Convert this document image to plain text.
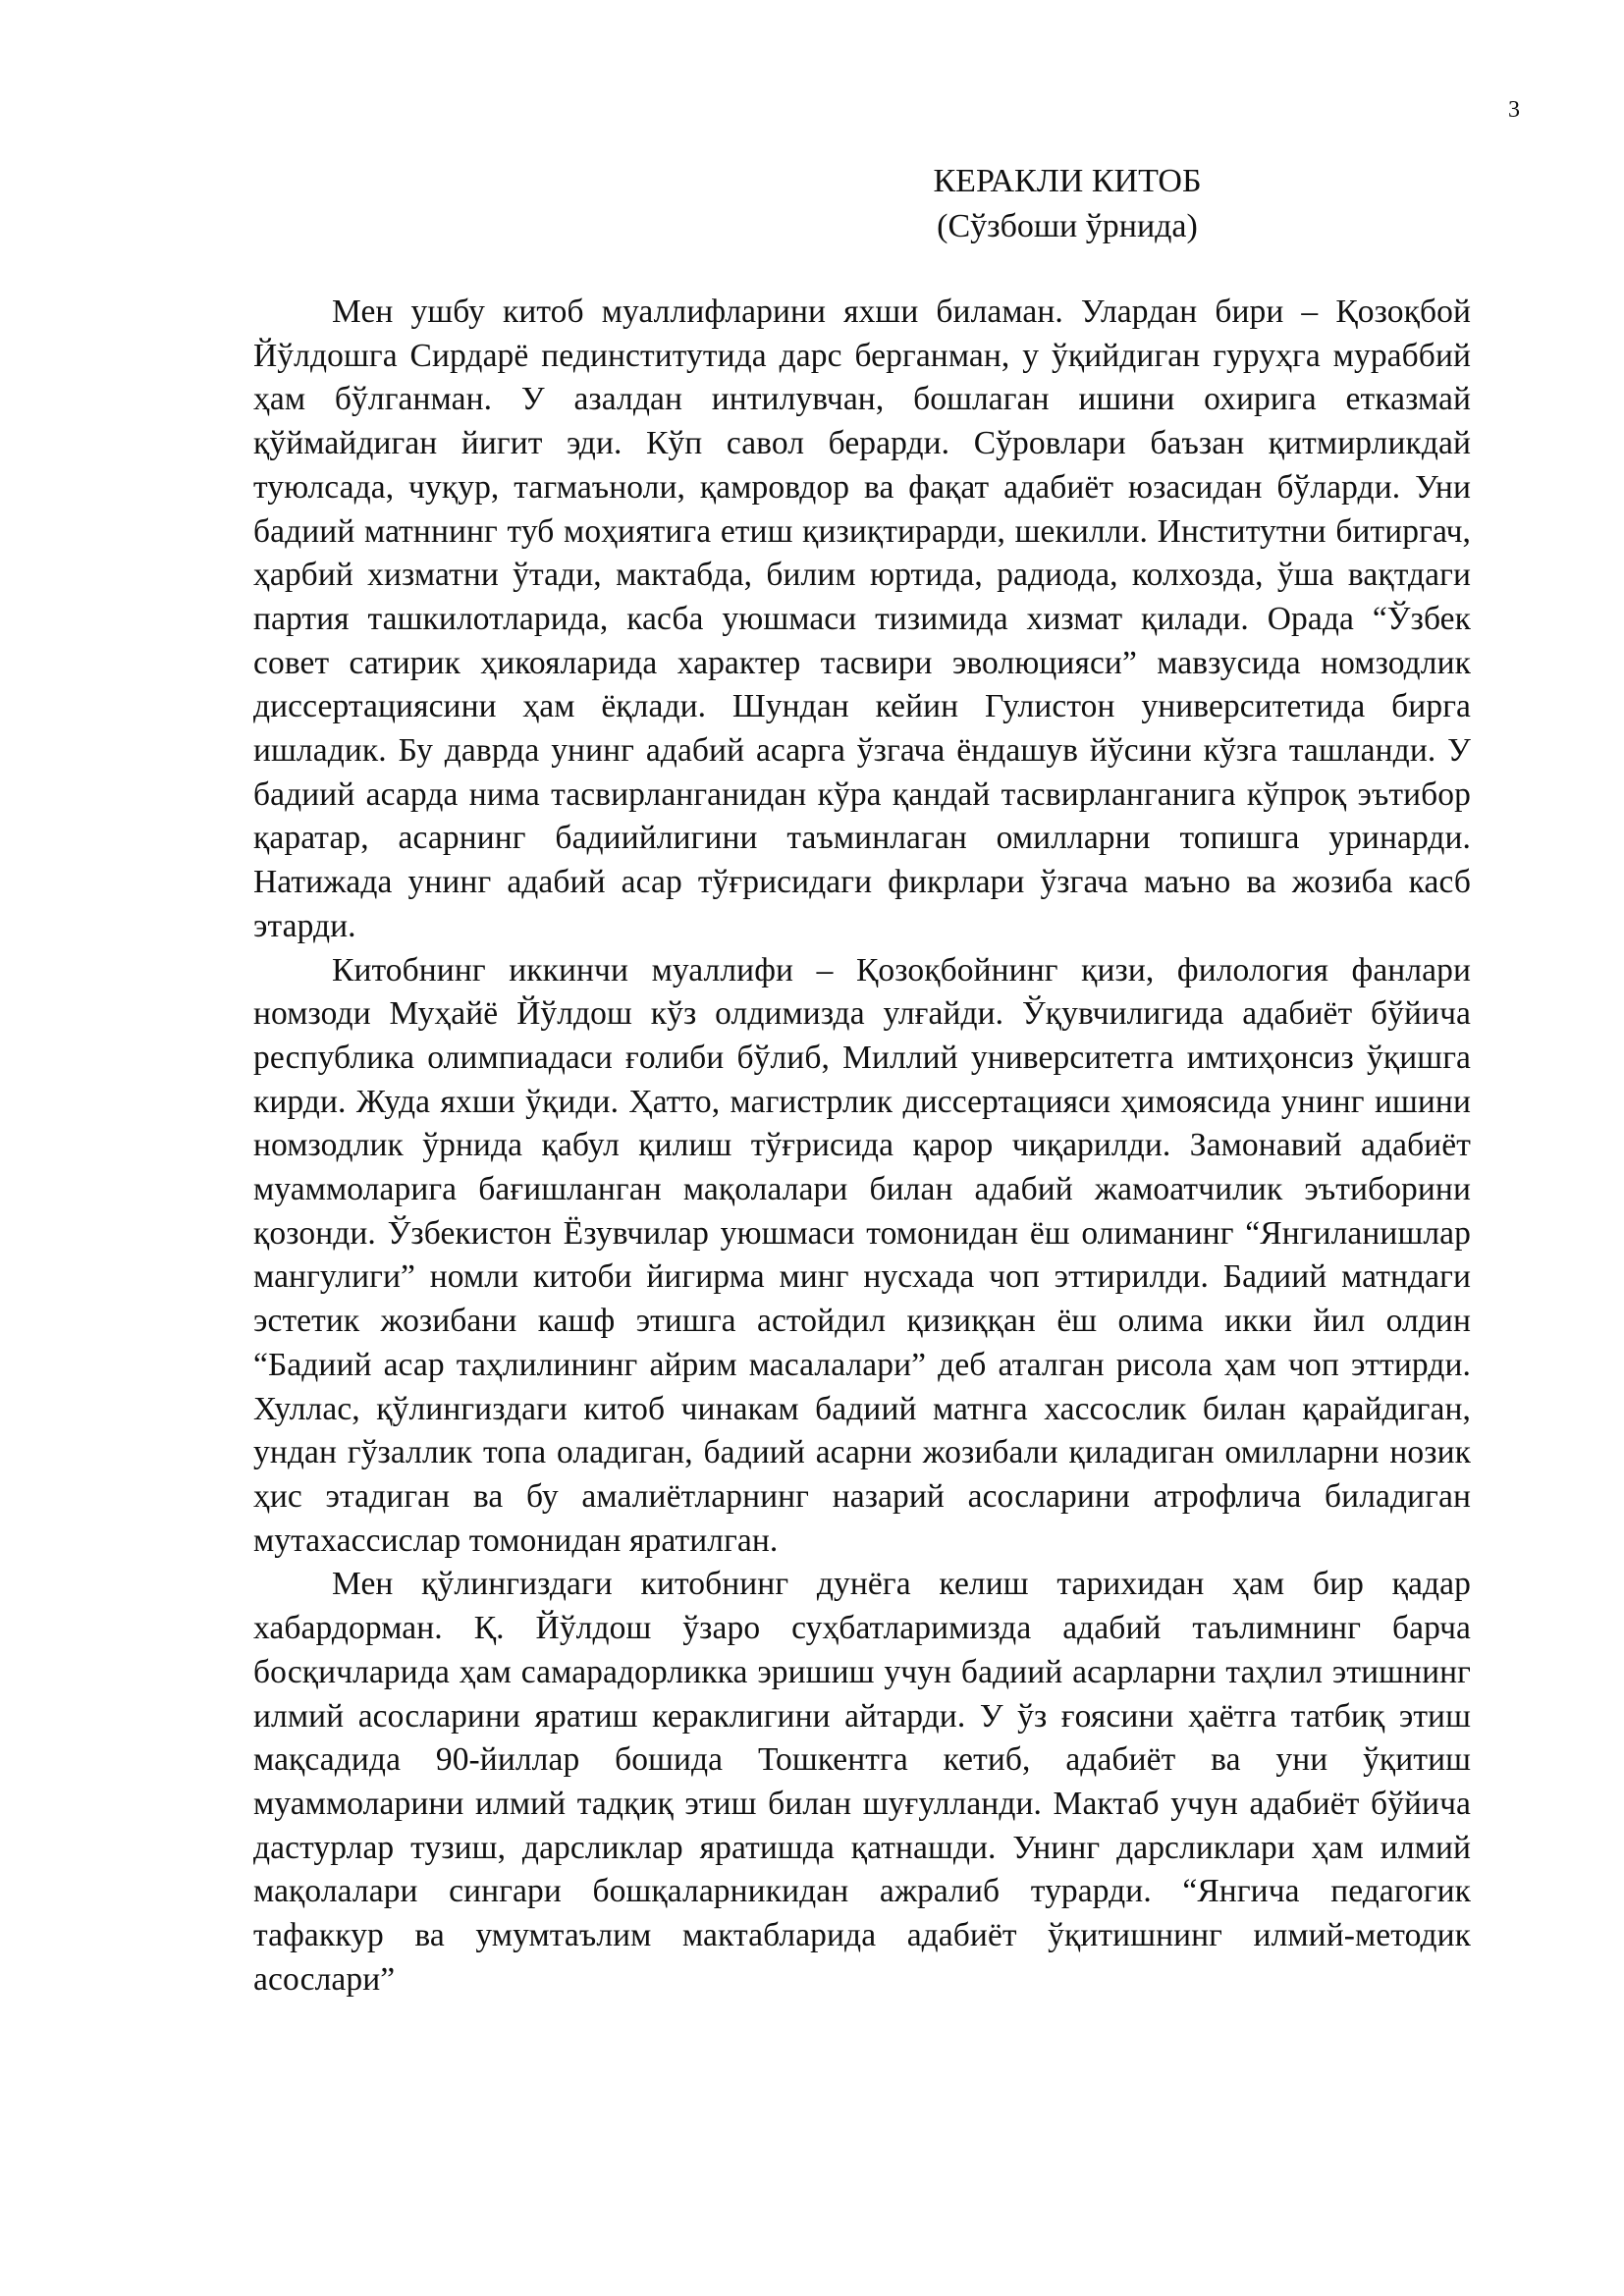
3
КЕРАКЛИ КИТОБ
(Сўзбоши ўрнида)

Мен ушбу китоб муаллифларини яхши биламан. Улардан бири – Қозоқбой Йўлдошга Сирдарё пединститутида дарс берганман, у ўқийдиган гуруҳга мураббий ҳам бўлганман. У азалдан интилувчан, бошлаган ишини охирига етказмай қўймайдиган йигит эди. Кўп савол берарди. Сўровлари баъзан қитмирликдай туюлсада, чуқур, тагмаъноли, қамровдор ва фақат адабиёт юзасидан бўларди. Уни бадиий матннинг туб моҳиятига етиш қизиқтирарди, шекилли. Институтни битиргач, ҳарбий хизматни ўтади, мактабда, билим юртида, радиода, колхозда, ўша вақтдаги партия ташкилотларида, касба уюшмаси тизимида хизмат қилади. Орада “Ўзбек совет сатирик ҳикояларида характер тасвири эволюцияси” мавзусида номзодлик диссертациясини ҳам ёқлади. Шундан кейин Гулистон университетида бирга ишладик. Бу даврда унинг адабий асарга ўзгача ёндашув йўсини кўзга ташланди. У бадиий асарда нима тасвирланганидан кўра қандай тасвирланганига кўпроқ эътибор қаратар, асарнинг бадиийлигини таъминлаган омилларни топишга уринарди. Натижада унинг адабий асар тўғрисидаги фикрлари ўзгача маъно ва жозиба касб этарди.

Китобнинг иккинчи муаллифи – Қозоқбойнинг қизи, филология фанлари номзоди Муҳайё Йўлдош кўз олдимизда улғайди. Ўқувчилигида адабиёт бўйича республика олимпиадаси ғолиби бўлиб, Миллий университетга имтиҳонсиз ўқишга кирди. Жуда яхши ўқиди. Ҳатто, магистрлик диссертацияси ҳимоясида унинг ишини номзодлик ўрнида қабул қилиш тўғрисида қарор чиқарилди. Замонавий адабиёт муаммоларига бағишланган мақолалари билан адабий жамоатчилик эътиборини қозонди. Ўзбекистон Ёзувчилар уюшмаси томонидан ёш олиманинг “Янгиланишлар мангулиги” номли китоби йигирма минг нусхада чоп эттирилди. Бадиий матндаги эстетик жозибани кашф этишга астойдил қизиққан ёш олима икки йил олдин “Бадиий асар таҳлилининг айрим масалалари” деб аталган рисола ҳам чоп эттирди. Хуллас, қўлингиздаги китоб чинакам бадиий матнга хассослик билан қарайдиган, ундан гўзаллик топа оладиган, бадиий асарни жозибали қиладиган омилларни нозик ҳис этадиган ва бу амалиётларнинг назарий асосларини атрофлича биладиган мутахассислар томонидан яратилган.

Мен қўлингиздаги китобнинг дунёга келиш тарихидан ҳам бир қадар хабардорман. Қ. Йўлдош ўзаро суҳбатларимизда адабий таълимнинг барча босқичларида ҳам самарадорликка эришиш учун бадиий асарларни таҳлил этишнинг илмий асосларини яратиш кераклигини айтарди. У ўз ғоясини ҳаётга татбиқ этиш мақсадида 90-йиллар бошида Тошкентга кетиб, адабиёт ва уни ўқитиш муаммоларини илмий тадқиқ этиш билан шуғулланди. Мактаб учун адабиёт бўйича дастурлар тузиш, дарсликлар яратишда қатнашди. Унинг дарсликлари ҳам илмий мақолалари сингари бошқаларникидан ажралиб турарди. “Янгича педагогик тафаккур ва умумтаълим мактабларида адабиёт ўқитишнинг илмий-методик асослари”
